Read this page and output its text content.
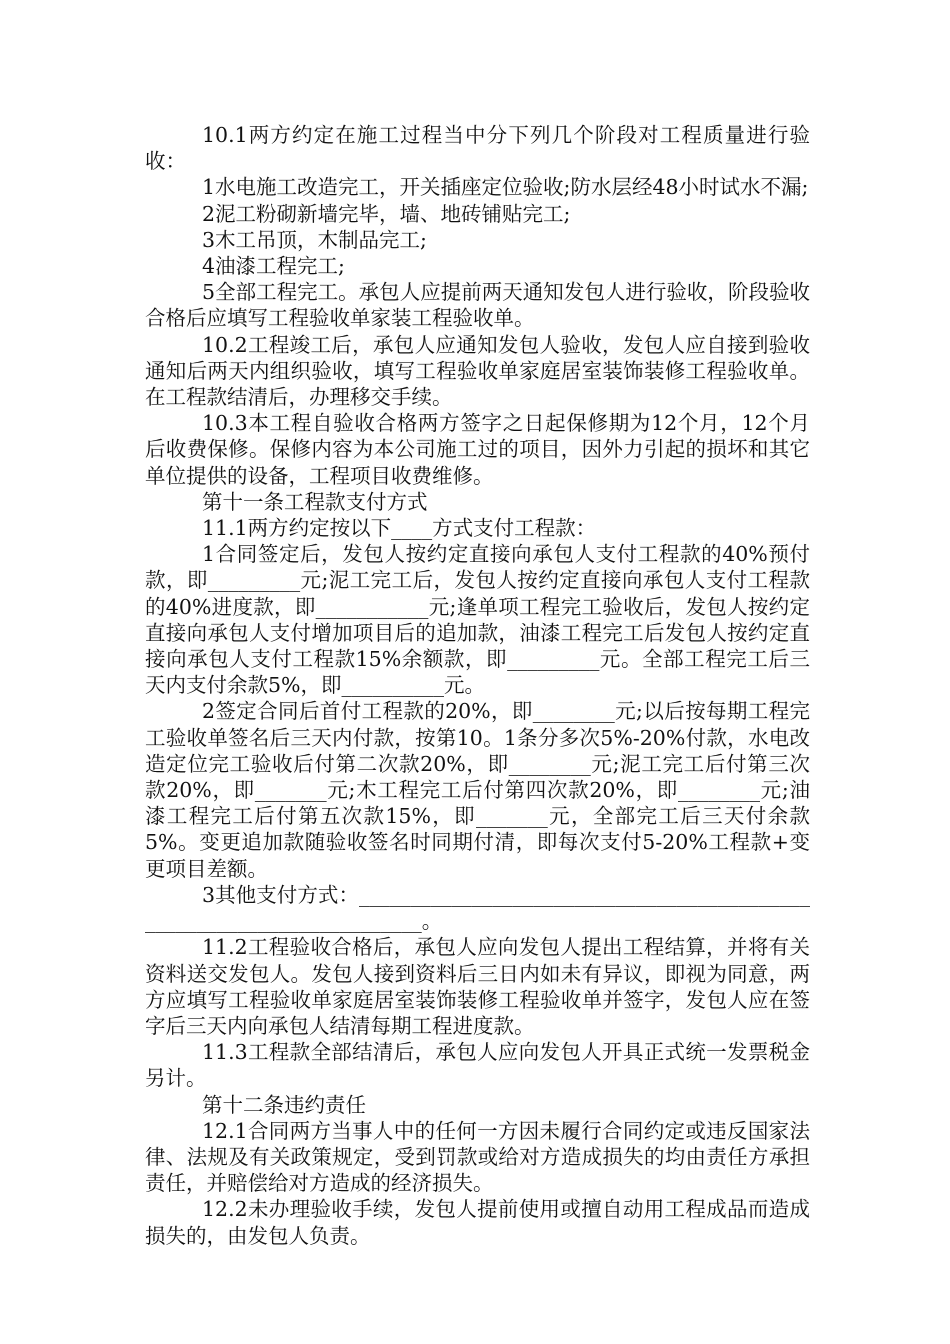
10.1两方约定在施工过程当中分下列几个阶段对工程质量进行验收：

1水电施工改造完工，开关插座定位验收;防水层经48小时试水不漏;

2泥工粉砌新墙完毕，墙、地砖铺贴完工;

3木工吊顶，木制品完工;

4油漆工程完工;

5全部工程完工。承包人应提前两天通知发包人进行验收，阶段验收合格后应填写工程验收单家装工程验收单。

10.2工程竣工后，承包人应通知发包人验收，发包人应自接到验收通知后两天内组织验收，填写工程验收单家庭居室装饰装修工程验收单。在工程款结清后，办理移交手续。

10.3本工程自验收合格两方签字之日起保修期为12个月，12个月后收费保修。保修内容为本公司施工过的项目，因外力引起的损坏和其它单位提供的设备，工程项目收费维修。

第十一条工程款支付方式

11.1两方约定按以下____方式支付工程款：

1合同签定后，发包人按约定直接向承包人支付工程款的40%预付款，即_________元;泥工完工后，发包人按约定直接向承包人支付工程款的40%进度款，即___________元;逢单项工程完工验收后，发包人按约定直接向承包人支付增加项目后的追加款，油漆工程完工后发包人按约定直接向承包人支付工程款15%余额款，即_________元。全部工程完工后三天内支付余款5%，即__________元。

2签定合同后首付工程款的20%，即________元;以后按每期工程完工验收单签名后三天内付款，按第10。1条分多次5%-20%付款，水电改造定位完工验收后付第二次款20%，即________元;泥工完工后付第三次款20%，即_______元;木工程完工后付第四次款20%，即________元;油漆工程完工后付第五次款15%，即_______元，全部完工后三天付余款5%。变更追加款随验收签名时同期付清，即每次支付5-20%工程款+变更项目差额。

3其他支付方式：_______________________________________________________________________。

11.2工程验收合格后，承包人应向发包人提出工程结算，并将有关资料送交发包人。发包人接到资料后三日内如未有异议，即视为同意，两方应填写工程验收单家庭居室装饰装修工程验收单并签字，发包人应在签字后三天内向承包人结清每期工程进度款。

11.3工程款全部结清后，承包人应向发包人开具正式统一发票税金另计。

第十二条违约责任

12.1合同两方当事人中的任何一方因未履行合同约定或违反国家法律、法规及有关政策规定，受到罚款或给对方造成损失的均由责任方承担责任，并赔偿给对方造成的经济损失。

12.2未办理验收手续，发包人提前使用或擅自动用工程成品而造成损失的，由发包人负责。
